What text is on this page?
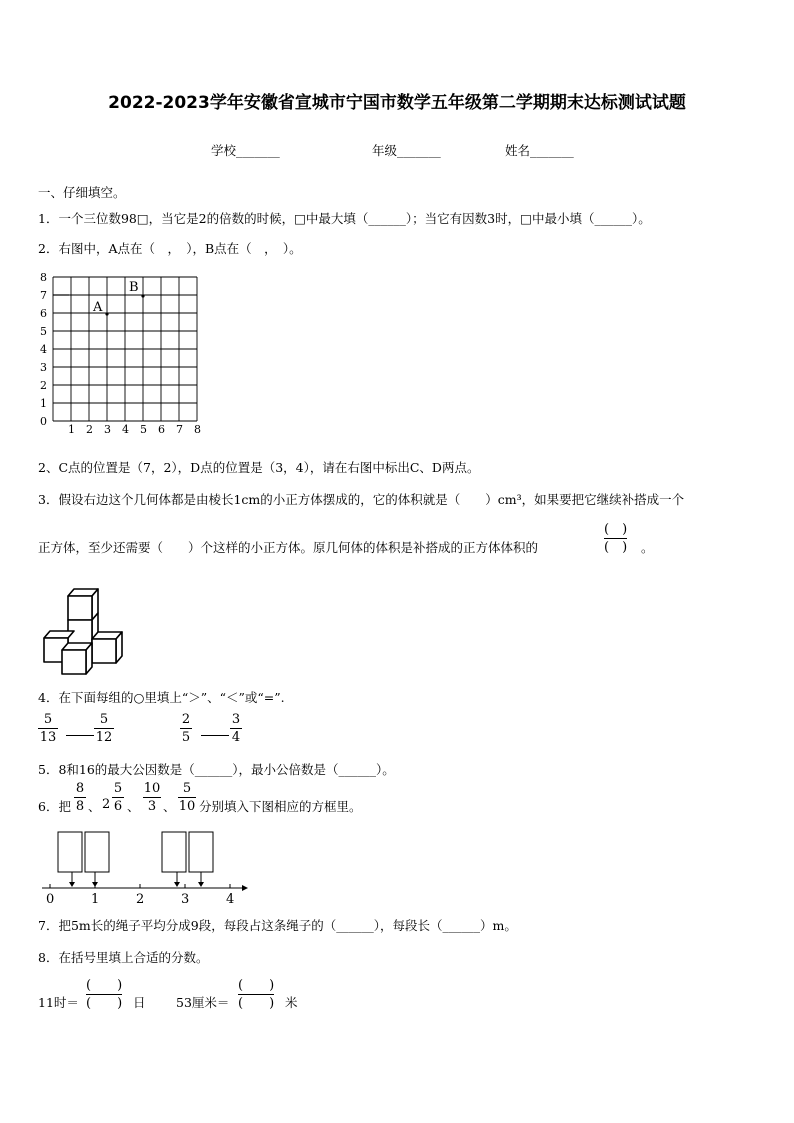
2022-2023学年安徽省宣城市宁国市数学五年级第二学期期末达标测试试题
学校_______	年级_______	姓名_______
一、仔细填空。
1．一个三位数98□，当它是2的倍数的时候，□中最大填（______）；当它有因数3时，□中最小填（______）。
2．右图中，A点在（　，　），B点在（　，　）。
8
7
6
5
4
3
2
1
0
1 2 3 4 5 6 7 8
A
B
2、C点的位置是（7，2），D点的位置是（3，4），请在右图中标出C、D两点。
3．假设右边这个几何体都是由棱长1cm的小正方体摆成的，它的体积就是（　　）cm³，如果要把它继续补搭成一个
正方体，至少还需要（　　）个这样的小正方体。原几何体的体积是补搭成的正方体体积的
(　)
(　) 。
4．在下面每组的○里填上“＞”、“＜”或“=”.
5
13
5
12
2
5
3
4
5．8和16的最大公因数是（______），最小公倍数是（______）。
6．把
8
8 、 2
5
6 、
10
3 、
5
10 分别填入下图相应的方框里。
0	1	2	3	4
7．把5m长的绳子平均分成9段，每段占这条绳子的（______），每段长（______）m。
8．在括号里填上合适的分数。
11时＝
(　　)
(　　) 日 53厘米＝
(　　)
(　　) 米
